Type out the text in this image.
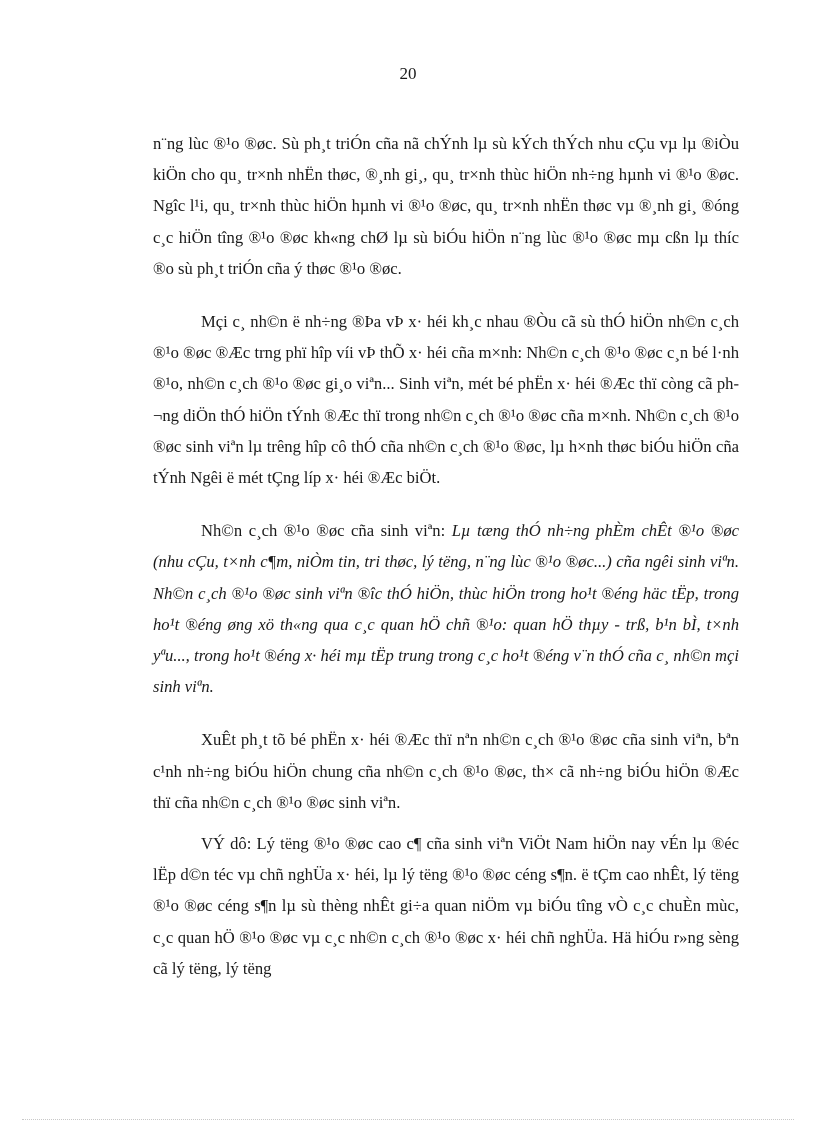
20

n¨ng lùc ®¹o ®øc. Sù ph¸t triÓn cña nã chÝnh lµ sù kÝch thÝch nhu cÇu vµ lµ ®iÒu kiÖn cho qu¸ tr×nh nhËn thøc, ®¸nh gi¸, qu¸ tr×nh thùc hiÖn nh÷ng hµnh vi ®¹o ®øc. Ngîc l¹i, qu¸ tr×nh thùc hiÖn hµnh vi ®¹o ®øc, qu¸ tr×nh nhËn thøc vµ ®¸nh gi¸ ®óng c¸c hiÖn tîng ®¹o ®øc kh«ng chØ lµ sù biÓu hiÖn n¨ng lùc ®¹o ®øc mµ cßn lµ thíc ®o sù ph¸t triÓn cña ý thøc ®¹o ®øc.

Mçi c¸ nh©n ë nh÷ng ®Þa vÞ x· héi kh¸c nhau ®Òu cã sù thÓ hiÖn nh©n c¸ch ®¹o ®øc ®Æc trng phï hîp víi vÞ thÕ x· héi cña m×nh: Nh©n c¸ch ®¹o ®øc c¸n bé l·nh ®¹o, nh©n c¸ch ®¹o ®øc gi¸o viªn... Sinh viªn, mét bé phËn x· héi ®Æc thï còng cã ph¬ng diÖn thÓ hiÖn tÝnh ®Æc thï trong nh©n c¸ch ®¹o ®øc cña m×nh. Nh©n c¸ch ®¹o ®øc sinh viªn lµ trêng hîp cô thÓ cña nh©n c¸ch ®¹o ®øc, lµ h×nh thøc biÓu hiÖn cña tÝnh Ngêi ë mét tÇng líp x· héi ®Æc biÖt.

Nh©n c¸ch ®¹o ®øc cña sinh viªn: Lµ tæng thÓ nh÷ng phÈm chÊt ®¹o ®øc (nhu cÇu, t×nh c¶m, niÒm tin, tri thøc, lý tëng, n¨ng lùc ®¹o ®øc...) cña ngêi sinh viªn. Nh©n c¸ch ®¹o ®øc sinh viªn ®îc thÓ hiÖn, thùc hiÖn trong ho¹t ®éng häc tËp, trong ho¹t ®éng øng xö th«ng qua c¸c quan hÖ chñ ®¹o: quan hÖ thµy - trß, b¹n bÌ, t×nh yªu..., trong ho¹t ®éng x· héi mµ tËp trung trong c¸c ho¹t ®éng v¨n thÓ cña c¸ nh©n mçi sinh viªn.

XuÊt ph¸t tõ bé phËn x· héi ®Æc thï nªn nh©n c¸ch ®¹o ®øc cña sinh viªn, bªn c¹nh nh÷ng biÓu hiÖn chung cña nh©n c¸ch ®¹o ®øc, th× cã nh÷ng biÓu hiÖn ®Æc thï cña nh©n c¸ch ®¹o ®øc sinh viªn.

VÝ dô: Lý tëng ®¹o ®øc cao c¶ cña sinh viªn ViÖt Nam hiÖn nay vÉn lµ ®éc lËp d©n téc vµ chñ nghÜa x· héi, lµ lý tëng ®¹o ®øc céng s¶n. ë tÇm cao nhÊt, lý tëng ®¹o ®øc céng s¶n lµ sù thèng nhÊt gi÷a quan niÖm vµ biÓu tîng vÒ c¸c chuÈn mùc, c¸c quan hÖ ®¹o ®øc vµ c¸c nh©n c¸ch ®¹o ®øc x· héi chñ nghÜa. Hä hiÓu r»ng sèng cã lý tëng, lý tëng
